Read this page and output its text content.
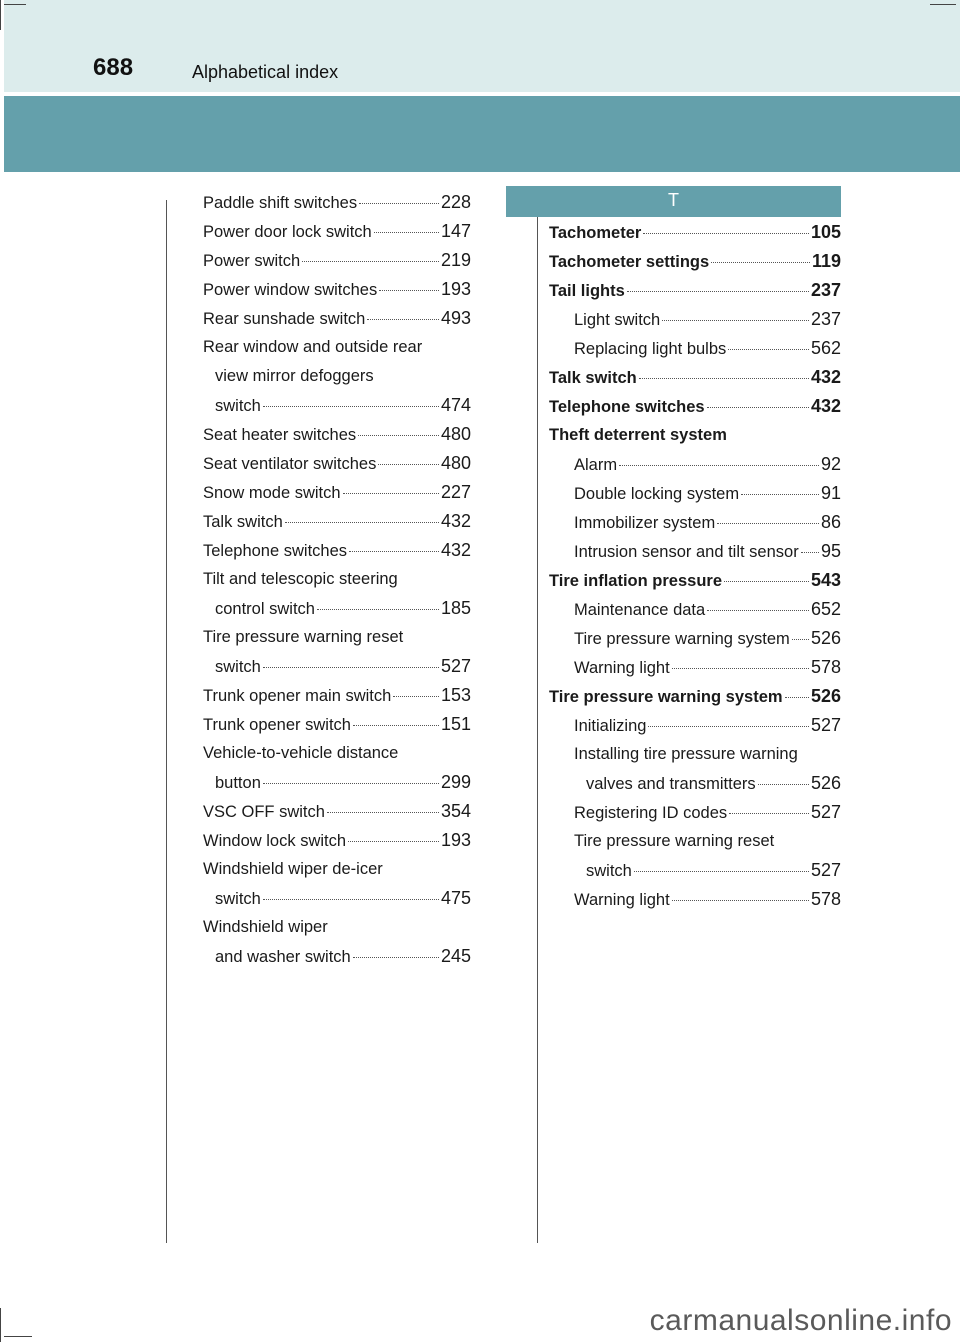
688	Alphabetical index
Paddle shift switches	228
Power door lock switch	147
Power switch	219
Power window switches	193
Rear sunshade switch	493
Rear window and outside rear
view mirror defoggers
switch	474
Seat heater switches	480
Seat ventilator switches	480
Snow mode switch	227
Talk switch	432
Telephone switches	432
Tilt and telescopic steering
control switch	185
Tire pressure warning reset
switch	527
Trunk opener main switch	153
Trunk opener switch	151
Vehicle-to-vehicle distance
button	299
VSC OFF switch	354
Window lock switch	193
Windshield wiper de-icer
switch	475
Windshield wiper
and washer switch	245
T
Tachometer	105
Tachometer settings	119
Tail lights	237
Light switch	237
Replacing light bulbs	562
Talk switch	432
Telephone switches	432
Theft deterrent system
Alarm	92
Double locking system	91
Immobilizer system	86
Intrusion sensor and tilt sensor 95
Tire inflation pressure	543
Maintenance data	652
Tire pressure warning system 526
Warning light	578
Tire pressure warning system 526
Initializing	527
Installing tire pressure warning
valves and transmitters	526
Registering ID codes	527
Tire pressure warning reset
switch	527
Warning light	578
carmanualsonline.info
